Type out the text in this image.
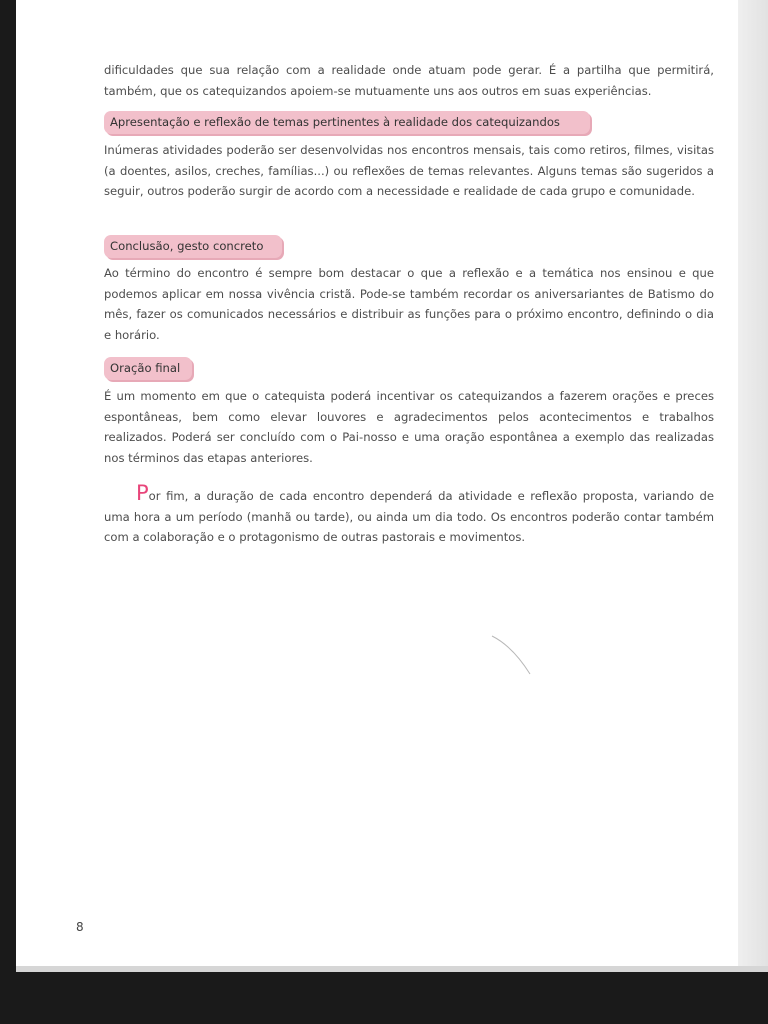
dificuldades que sua relação com a realidade onde atuam pode gerar. É a partilha que permitirá, também, que os catequizandos apoiem-se mutuamente uns aos outros em suas experiências.

Apresentação e reflexão de temas pertinentes à realidade dos catequizandos

Inúmeras atividades poderão ser desenvolvidas nos encontros mensais, tais como retiros, filmes, visitas (a doentes, asilos, creches, famílias...) ou reflexões de temas relevantes. Alguns temas são sugeridos a seguir, outros poderão surgir de acordo com a necessidade e realidade de cada grupo e comunidade.

Conclusão, gesto concreto

Ao término do encontro é sempre bom destacar o que a reflexão e a temática nos ensinou e que podemos aplicar em nossa vivência cristã. Pode-se também recordar os aniversariantes de Batismo do mês, fazer os comunicados necessários e distribuir as funções para o próximo encontro, definindo o dia e horário.

Oração final

É um momento em que o catequista poderá incentivar os catequizandos a fazerem orações e preces espontâneas, bem como elevar louvores e agradecimentos pelos acontecimentos e trabalhos realizados. Poderá ser concluído com o Pai-nosso e uma oração espontânea a exemplo das realizadas nos términos das etapas anteriores.

Por fim, a duração de cada encontro dependerá da atividade e reflexão proposta, variando de uma hora a um período (manhã ou tarde), ou ainda um dia todo. Os encontros poderão contar também com a colaboração e o protagonismo de outras pastorais e movimentos.

8
